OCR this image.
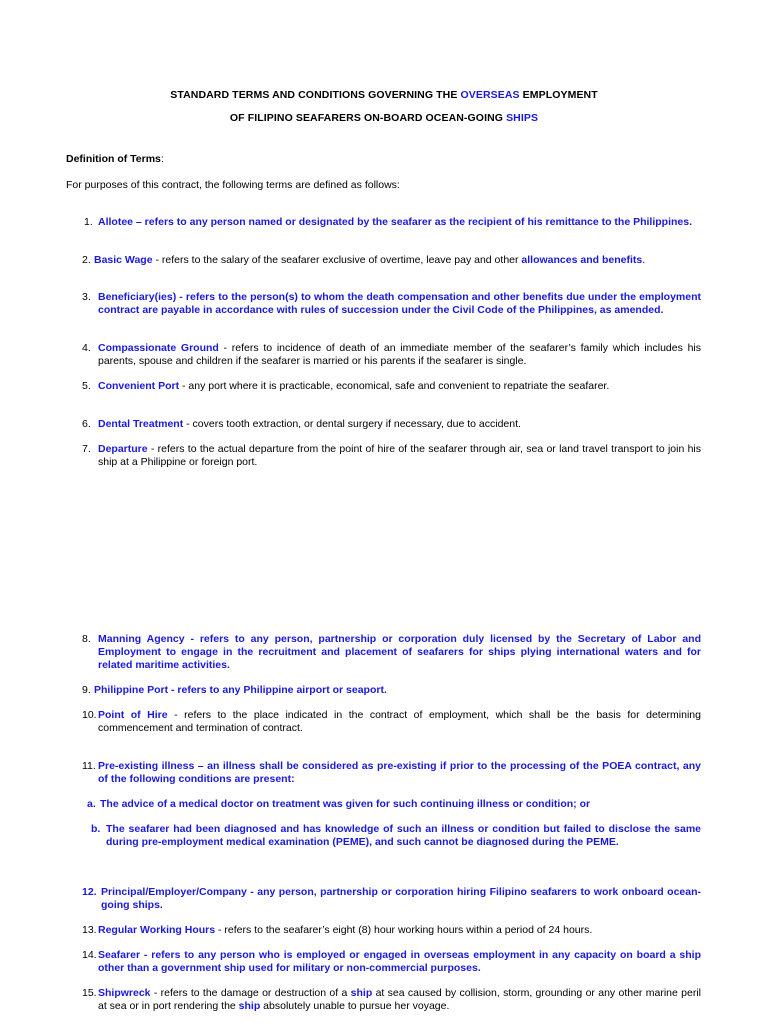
STANDARD TERMS AND CONDITIONS GOVERNING THE OVERSEAS EMPLOYMENT
OF FILIPINO SEAFARERS ON-BOARD OCEAN-GOING SHIPS
Definition of Terms:
For purposes of this contract, the following terms are defined as follows:
1. Allotee – refers to any person named or designated by the seafarer as the recipient of his remittance to the Philippines.
2. Basic Wage - refers to the salary of the seafarer exclusive of overtime, leave pay and other allowances and benefits.
3. Beneficiary(ies) - refers to the person(s) to whom the death compensation and other benefits due under the employment contract are payable in accordance with rules of succession under the Civil Code of the Philippines, as amended.
4. Compassionate Ground - refers to incidence of death of an immediate member of the seafarer’s family which includes his parents, spouse and children if the seafarer is married or his parents if the seafarer is single.
5. Convenient Port - any port where it is practicable, economical, safe and convenient to repatriate the seafarer.
6. Dental Treatment - covers tooth extraction, or dental surgery if necessary, due to accident.
7. Departure - refers to the actual departure from the point of hire of the seafarer through air, sea or land travel transport to join his ship at a Philippine or foreign port.
8. Manning Agency - refers to any person, partnership or corporation duly licensed by the Secretary of Labor and Employment to engage in the recruitment and placement of seafarers for ships plying international waters and for related maritime activities.
9. Philippine Port - refers to any Philippine airport or seaport.
10. Point of Hire - refers to the place indicated in the contract of employment, which shall be the basis for determining commencement and termination of contract.
11. Pre-existing illness – an illness shall be considered as pre-existing if prior to the processing of the POEA contract, any of the following conditions are present:
a. The advice of a medical doctor on treatment was given for such continuing illness or condition; or
b. The seafarer had been diagnosed and has knowledge of such an illness or condition but failed to disclose the same during pre-employment medical examination (PEME), and such cannot be diagnosed during the PEME.
12. Principal/Employer/Company - any person, partnership or corporation hiring Filipino seafarers to work onboard ocean-going ships.
13. Regular Working Hours - refers to the seafarer’s eight (8) hour working hours within a period of 24 hours.
14. Seafarer - refers to any person who is employed or engaged in overseas employment in any capacity on board a ship other than a government ship used for military or non-commercial purposes.
15. Shipwreck - refers to the damage or destruction of a ship at sea caused by collision, storm, grounding or any other marine peril at sea or in port rendering the ship absolutely unable to pursue her voyage.
